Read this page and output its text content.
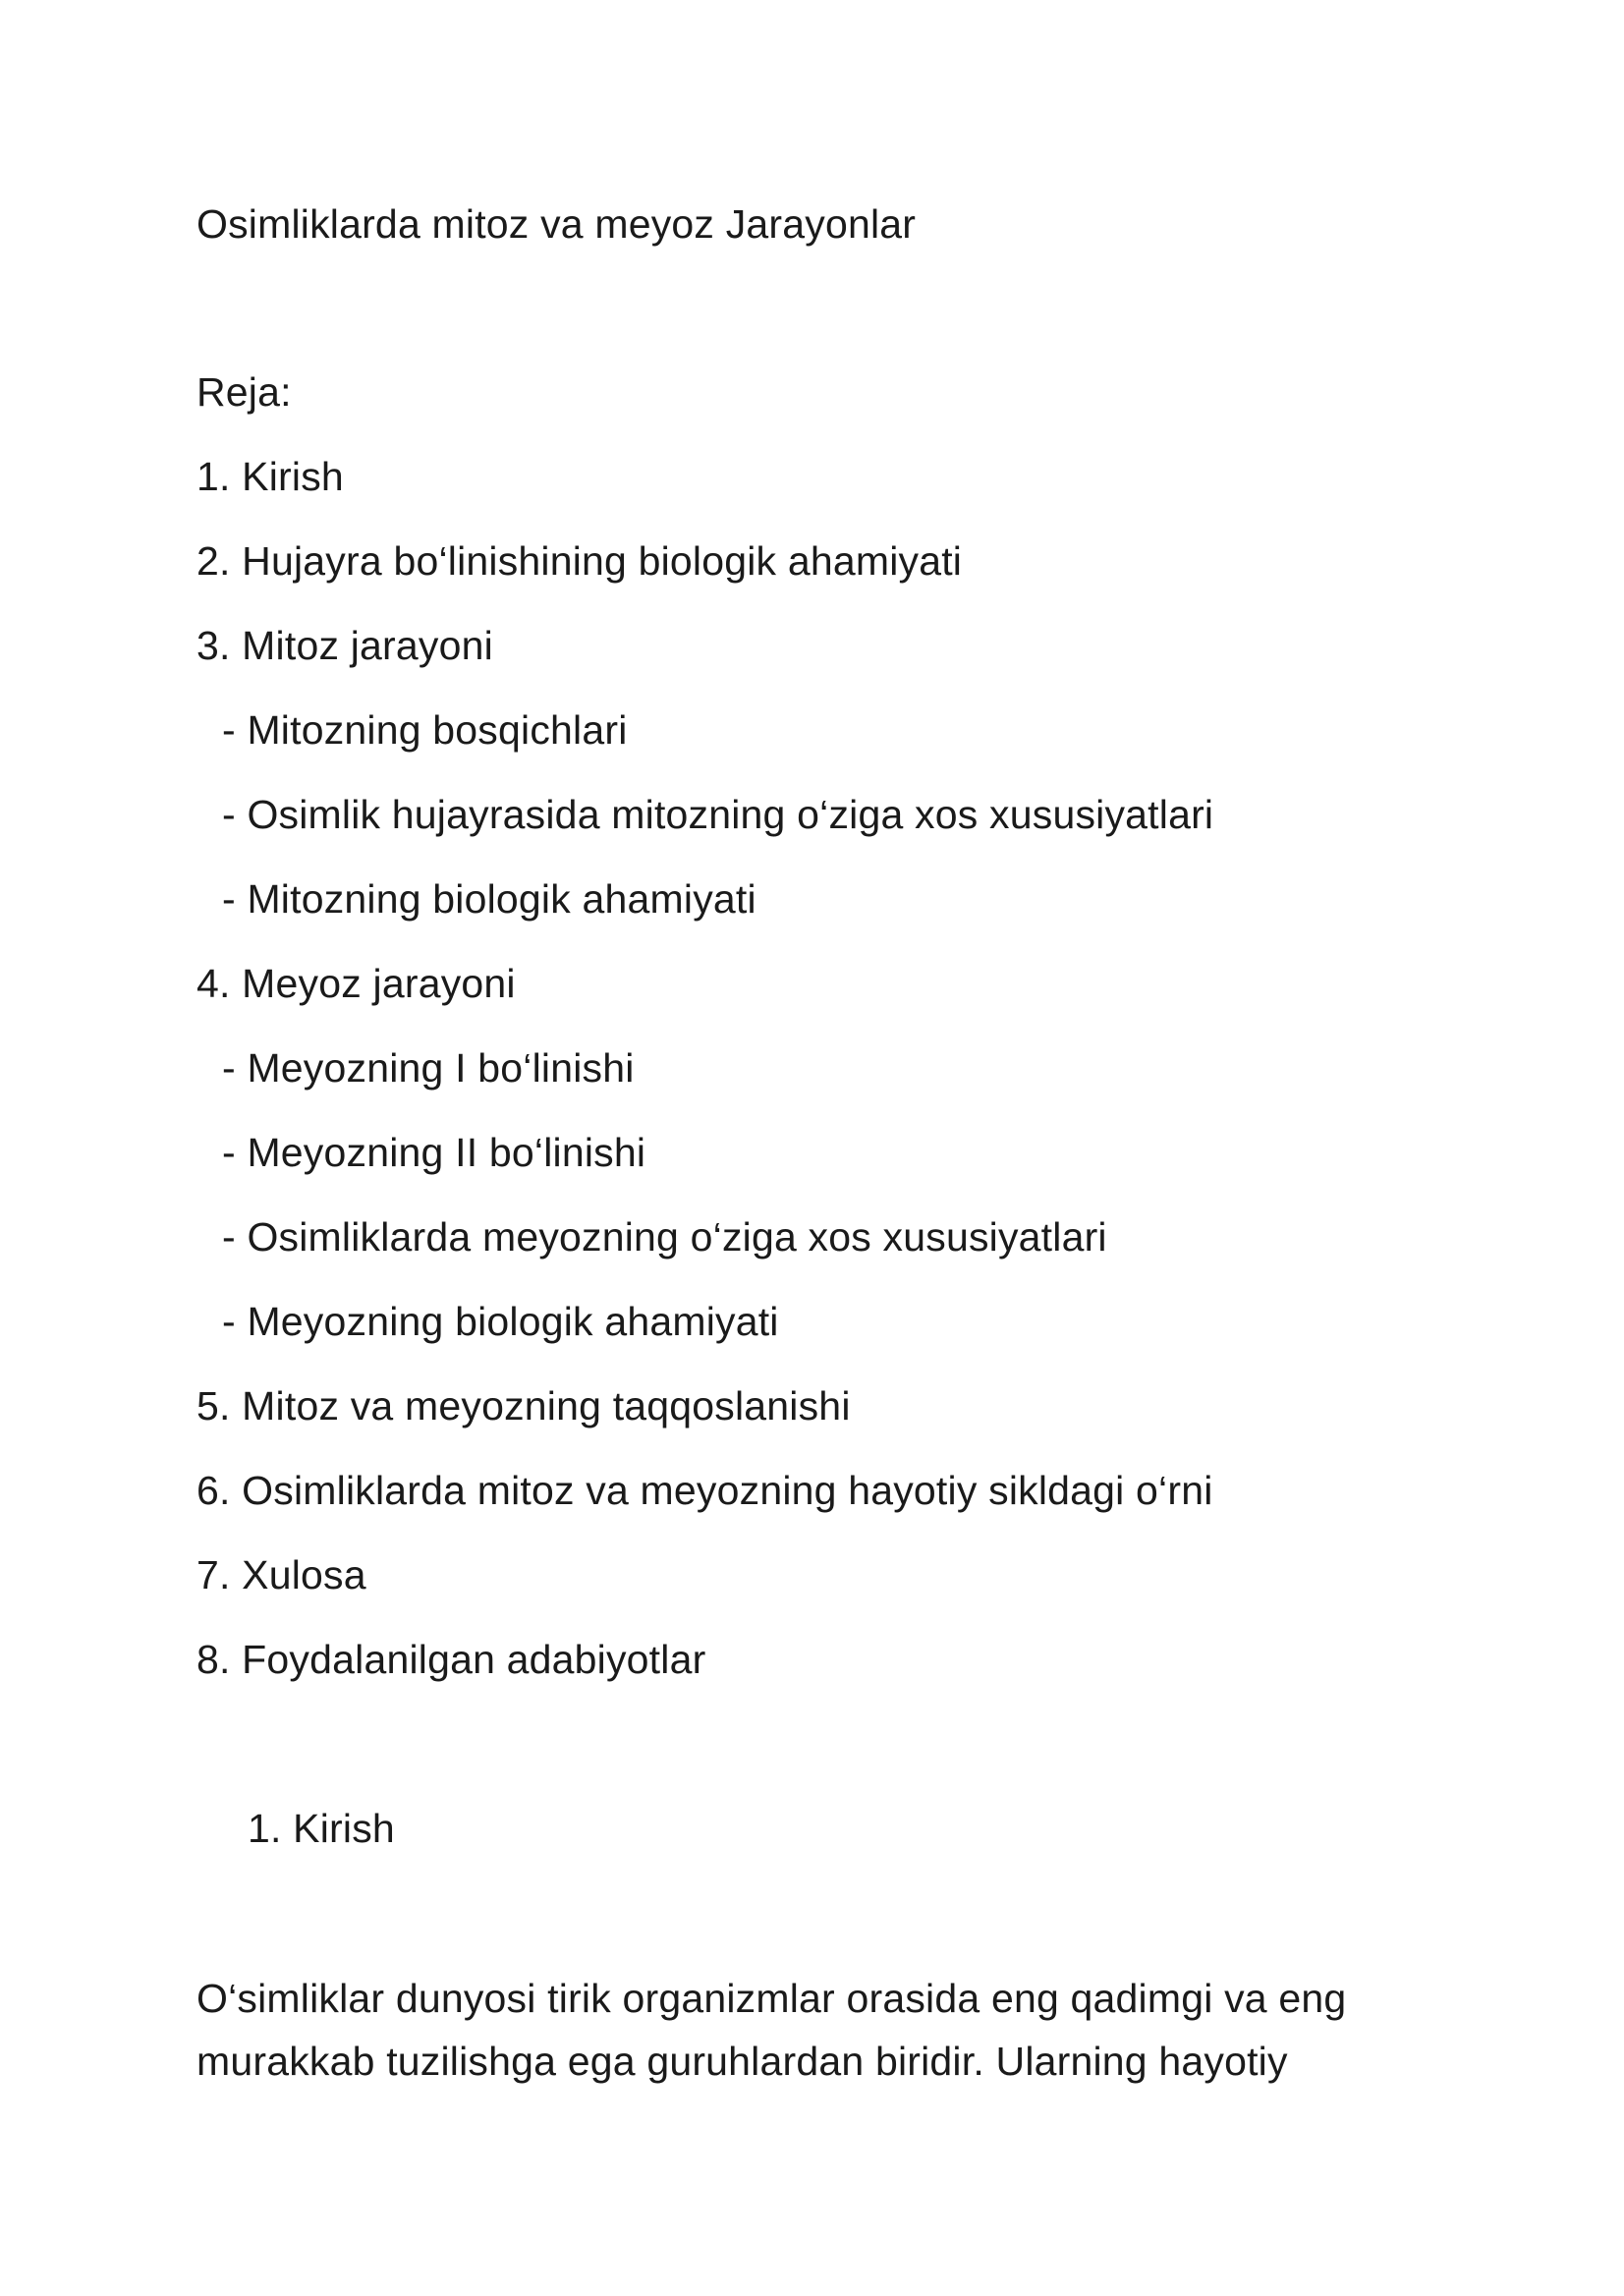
Osimliklarda mitoz va meyoz Jarayonlar
Reja:
1. Kirish
2. Hujayra bo‘linishining biologik ahamiyati
3. Mitoz jarayoni
- Mitozning bosqichlari
- Osimlik hujayrasida mitozning o‘ziga xos xususiyatlari
- Mitozning biologik ahamiyati
4. Meyoz jarayoni
- Meyozning I bo‘linishi
- Meyozning II bo‘linishi
- Osimliklarda meyozning o‘ziga xos xususiyatlari
- Meyozning biologik ahamiyati
5. Mitoz va meyozning taqqoslanishi
6. Osimliklarda mitoz va meyozning hayotiy sikldagi o‘rni
7. Xulosa
8. Foydalanilgan adabiyotlar
1. Kirish
O‘simliklar dunyosi tirik organizmlar orasida eng qadimgi va eng murakkab tuzilishga ega guruhlardan biridir. Ularning hayotiy
